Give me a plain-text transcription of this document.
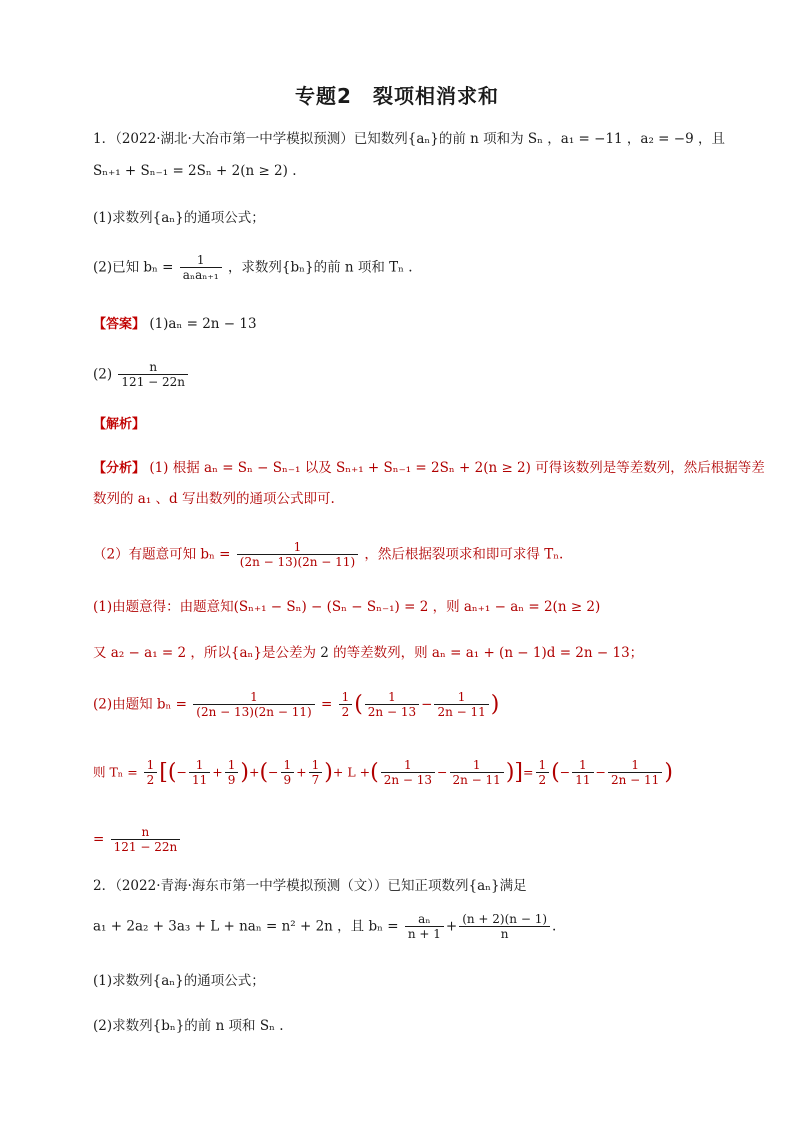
专题2　裂项相消求和
1．（2022·湖北·大冶市第一中学模拟预测）已知数列{aₙ}的前 n 项和为 Sₙ ，a₁ = −11 ，a₂ = −9 ，且
Sₙ₊₁ + Sₙ₋₁ = 2Sₙ + 2(n ≥ 2) .
(1)求数列{aₙ}的通项公式；
(2)已知 $b_n = \frac{1}{\text{aₙaₙ₊₁}}$ ，求数列{bₙ}的前 n 项和 Tₙ .
【答案】 (1)aₙ = 2n − 13
$(2) \frac{n}{121 - 22n}$
【解析】
【分析】 (1) 根据 aₙ = Sₙ − Sₙ₋₁ 以及 Sₙ₊₁ + Sₙ₋₁ = 2Sₙ + 2(n ≥ 2) 可得该数列是等差数列，然后根据等差
数列的 a₁ 、d 写出数列的通项公式即可.
（2）有题意可知 $b_n = \frac{1}{(2n - 13)(2n - 11)}$ ，然后根据裂项求和即可求得 Tₙ.
(1)由题意得：由题意知(Sₙ₊₁ − Sₙ) − (Sₙ − Sₙ₋₁) = 2 ，则 aₙ₊₁ − aₙ = 2(n ≥ 2)
又 a₂ − a₁ = 2 ，所以{aₙ}是公差为 2 的等差数列，则 aₙ = a₁ + (n − 1)d = 2n − 13；
(2)由题知 $b_n = \frac{1}{(2n - 13)(2n - 11)} = \frac{1}{2}$ ( $\frac{1}{2n - 13} - \frac{1}{2n - 11}$ )
则 $T_n = \frac{1}{2}$ [(− $\frac{1}{11} + \frac{1}{9}$ )+(− $\frac{1}{9} + \frac{1}{7}$ )+ L +( $\frac{1}{2n - 13} - \frac{1}{2n - 11}$ )]= $\frac{1}{2}$ (− $\frac{1}{11} - \frac{1}{2n - 11}$ )
= $\frac{n}{121 - 22n}$
2．（2022·青海·海东市第一中学模拟预测（文））已知正项数列{aₙ}满足
a₁ + 2a₂ + 3a₃ + L + naₙ = n² + 2n ，且 $b_n = \frac{\text{aₙ}}{n + 1} + \frac{(n + 2)(n - 1)}{n}$ .
(1)求数列{aₙ}的通项公式；
(2)求数列{bₙ}的前 n 项和 Sₙ .
